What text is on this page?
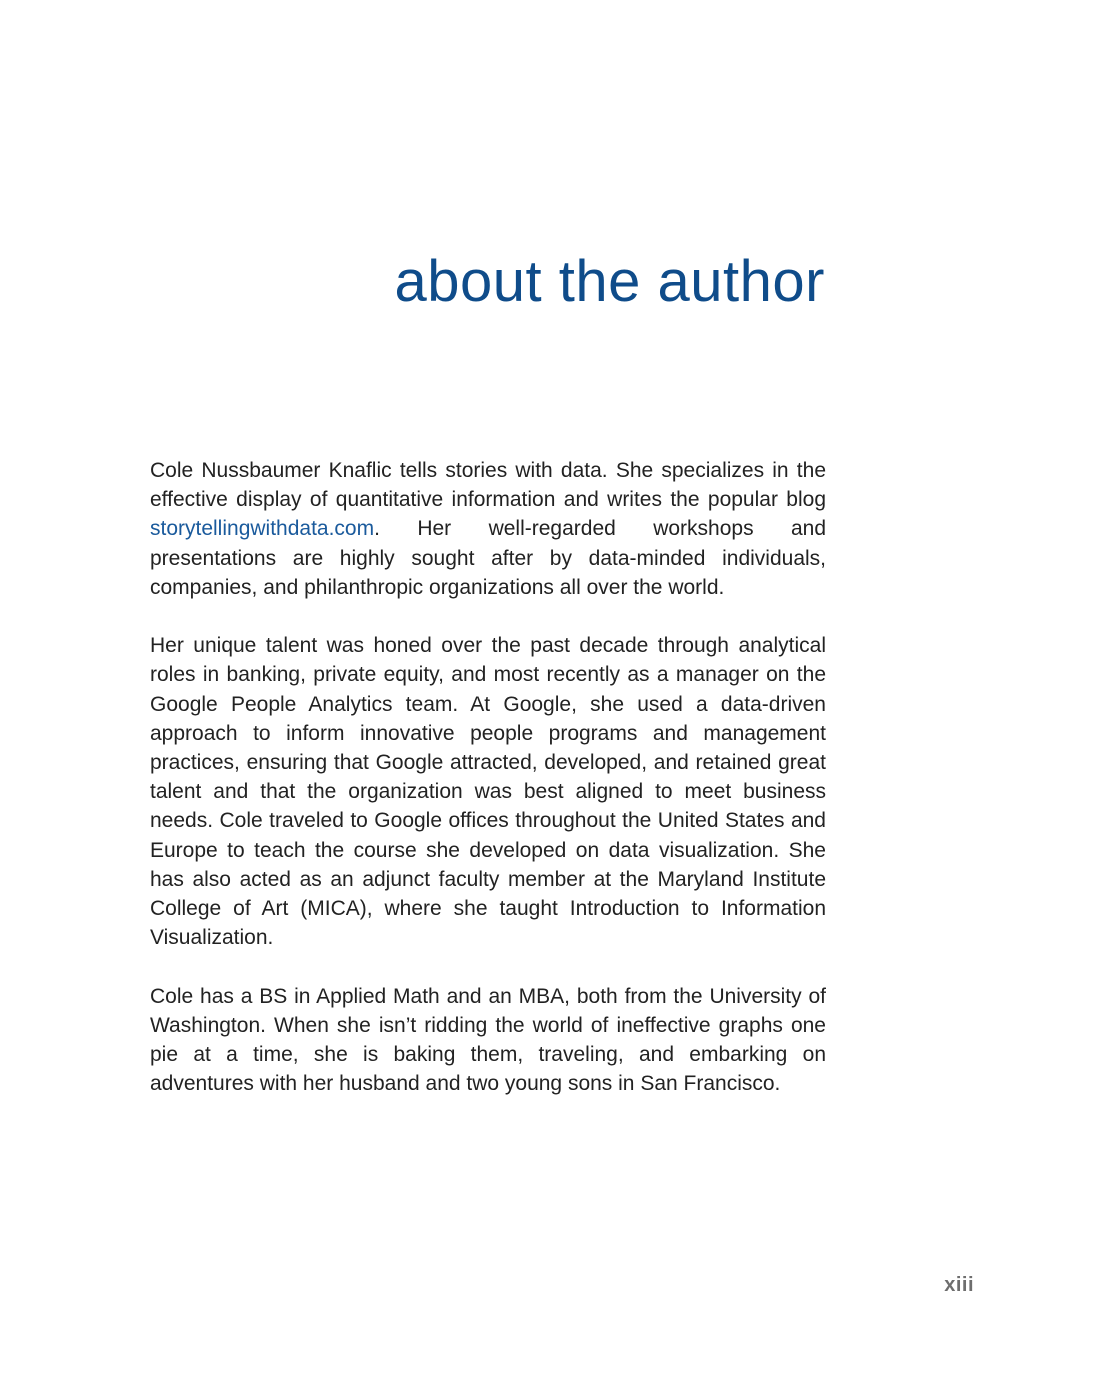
about the author

Cole Nussbaumer Knaflic tells stories with data. She specializes in the effective display of quantitative information and writes the popular blog storytellingwithdata.com. Her well-regarded workshops and presentations are highly sought after by data-minded individuals, companies, and philanthropic organizations all over the world.

Her unique talent was honed over the past decade through analytical roles in banking, private equity, and most recently as a manager on the Google People Analytics team. At Google, she used a data-driven approach to inform innovative people programs and management practices, ensuring that Google attracted, developed, and retained great talent and that the organization was best aligned to meet business needs. Cole traveled to Google offices throughout the United States and Europe to teach the course she developed on data visualization. She has also acted as an adjunct faculty member at the Maryland Institute College of Art (MICA), where she taught Introduction to Information Visualization.

Cole has a BS in Applied Math and an MBA, both from the University of Washington. When she isn’t ridding the world of ineffective graphs one pie at a time, she is baking them, traveling, and embarking on adventures with her husband and two young sons in San Francisco.

xiii
